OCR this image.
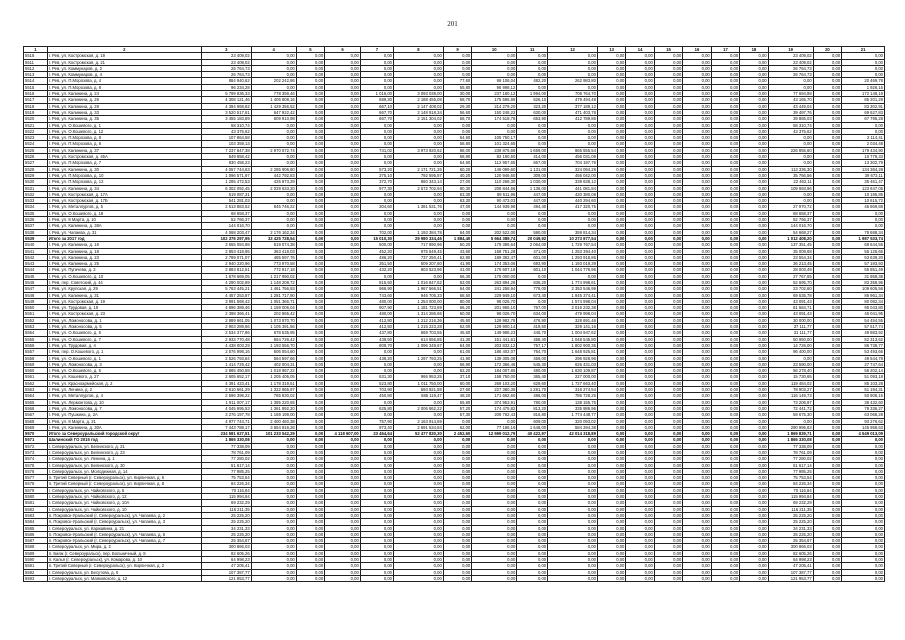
201
1	2	3	4	5	6	7	8	9	10	11	12	13	14	15	16	17	18	19	20	21
5518	г. Рев, ул. Костромская, д. 19	23 409,02	0,00	0,00	0,00	0,00	0,00	0,00	0,00	0,00	0,00	0,00	0,00	0,00	0,00	0,00	0,00	23 409,02	0,00	0,00
5511	г. Рев, ул. Костромская, д. 21	23 409,02	0,00	0,00	0,00	0,00	0,00	0,00	0,00	0,00	0,00	0,00	0,00	0,00	0,00	0,00	0,00	23 409,02	0,00	0,00
5512	г. Рев, ул. Коммунаров, д. 2	26 764,73	0,00	0,00	0,00	0,00	0,00	0,00	0,00	0,00	0,00	0,00	0,00	0,00	0,00	0,00	0,00	26 764,73	0,00	0,00
5513	г. Рев, ул. Коммунаров, д. 4	26 764,73	0,00	0,00	0,00	0,00	0,00	0,00	0,00	0,00	0,00	0,00	0,00	0,00	0,00	0,00	0,00	26 764,73	0,00	0,00
5514	г. Рев, ул. П.Морозова, д. 4	884 940,62	202 242,86	0,00	0,00	0,00	0,00	77,60	99 106,04	482,20	262 983,80	0,00	0,00	0,00	0,00	0,00	0,00	0,00	0,00	20 469,78
5515	г. Рев, ул. П.Морозова, д. 8	96 234,28	0,00	0,00	0,00	0,00	0,00	55,80	96 998,12	0,00	0,00	0,00	0,00	0,00	0,00	0,00	0,00	0,00	0,00	1 926,15
5516	г. Рев, ул. Калинина, д. 24	5 799 836,33	778 359,46	0,00	0,00	1 016,00	3 093 038,00	30,00	237 180,12	1 994,00	708 764,70	0,00	0,00	0,00	0,00	0,00	0,00	77 694,88	0,00	172 148,19
5517	г. Рев, ул. Калинина, д. 26	4 308 121,46	1 406 808,16	0,00	0,00	689,30	2 188 455,08	58,70	175 595,86	626,10	479 494,48	0,00	0,00	0,00	0,00	0,00	0,00	43 165,70	0,00	85 201,29
5518	г. Рев, ул. Калинина, д. 28	4 394 968,82	1 429 356,52	0,00	0,00	667,10	2 147 408,02	29,30	214 279,20	323,20	377 189,12	0,00	0,00	0,00	0,00	0,00	0,00	43 449,04	0,00	83 302,91
5519	г. Рев, ул. Калинина, д. 33	3 520 517,61	647 922,42	0,00	0,00	667,70	2 148 918,34	56,60	150 248,22	630,00	471 403,78	0,00	0,00	0,00	0,00	0,00	0,00	39 497,76	0,00	69 627,83
5520	г. Рев, ул. Калинина, д. 35	3 455 183,89	609 910,98	0,00	0,00	667,70	2 151 304,02	58,70	174 518,76	653,90	412 789,86	0,00	0,00	0,00	0,00	0,00	0,00	39 865,03	0,00	67 795,28
5521	г. Рев, ул. О.Кошевого, д. 1	58 310,74	0,00	0,00	0,00	0,00	0,00	0,00	0,00	0,00	0,00	0,00	0,00	0,00	0,00	0,00	0,00	58 310,74	0,00	0,00
5522	г. Рев, ул. О.Кошевого, д. 12	43 375,62	0,00	0,00	0,00	0,00	0,00	0,00	0,00	0,00	0,00	0,00	0,00	0,00	0,00	0,00	0,00	43 375,62	0,00	0,00
5523	г. Рев, ул. П.Морозова, д. 8	107 864,58	0,00	0,00	0,00	0,00	0,00	64,60	105 750,17	0,00	0,00	0,00	0,00	0,00	0,00	0,00	0,00	0,00	0,00	2 114,41
5524	г. Рев, ул. П.Морозова, д. 6	103 359,13	0,00	0,00	0,00	0,00	0,00	58,80	101 324,65	0,00	0,00	0,00	0,00	0,00	0,00	0,00	0,00	0,00	0,00	2 034,48
5525	г. Рев, ул. Калинина, д. 37	7 237 847,38	2 970 572,74	0,00	0,00	741,02	3 973 920,62	88,00	239 875,69	1 659,00	865 555,54	0,00	0,00	0,00	0,00	0,00	0,00	226 855,60	0,00	179 434,90
5526	г. Рев, ул. Костромская, д. 45А	549 658,42	0,00	0,00	0,00	0,00	0,00	58,80	82 190,50	414,00	456 031,09	0,00	0,00	0,00	0,00	0,00	0,00	0,00	0,00	10 778,33
5527	г. Рев, ул. П.Морозова, д. 7	830 458,23	0,00	0,00	0,00	0,00	0,00	64,60	112 957,65	667,00	704 197,79	0,00	0,00	0,00	0,00	0,00	0,00	0,00	0,00	13 302,79
5528	г. Рев, ул. Калинина, д. 30	4 057 744,63	2 285 906,80	0,00	0,00	573,20	2 171 721,26	60,20	146 099,60	1 131,00	324 094,28	0,00	0,00	0,00	0,00	0,00	0,00	113 336,30	0,00	134 384,28
5529	г. Рев, ул. П.Морозова, д. 10	1 096 571,97	442 792,83	0,00	0,00	375,10	792 595,87	40,20	120 946,60	309,00	456 042,00	0,00	0,00	0,00	0,00	0,00	0,00	35 766,56	0,00	39 673,11
5530	г. Рев, ул. П.Морозова, д. 12	1 285 472,53	425 873,29	0,00	0,00	372,70	860 343,14	27,00	110 268,30	1 030,00	339 638,12	0,00	0,00	0,00	0,00	0,00	0,00	22 462,11	0,00	35 461,47
5531	г. Рев, ул. Калинина, д. 34	6 302 092,45	2 029 633,20	0,00	0,00	977,30	2 572 702,94	80,30	208 844,66	1 136,00	441 081,84	0,00	0,00	0,00	0,00	0,00	0,00	109 693,96	0,00	123 647,05
5532	г. Рев, ул. Костромская, д. 17А	519 087,31	0,00	0,00	0,00	0,00	0,00	63,30	89 511,96	447,00	420 380,08	0,00	0,00	0,00	0,00	0,00	0,00	0,00	0,00	10 195,85
5533	г. Рев, ул. Костромская, д. 17Б	541 281,03	0,00	0,00	0,00	0,00	0,00	63,30	90 473,03	447,00	440 294,60	0,00	0,00	0,00	0,00	0,00	0,00	0,00	0,00	10 615,72
5534	г. Рев, ул. Металлургов, д. 5	2 513 883,52	845 746,22	0,00	0,00	304,60	1 381 531,76	47,00	144 939,98	494,40	417 320,75	0,00	0,00	0,00	0,00	0,00	0,00	27 970,72	0,00	46 869,88
5535	г. Рев, ул. О.Кошевого, д. 18	68 658,37	0,00	0,00	0,00	0,00	0,00	0,00	0,00	0,00	0,00	0,00	0,00	0,00	0,00	0,00	0,00	68 658,37	0,00	0,00
5536	г. Рев, ул. 8 Марта, д. 10	52 766,37	0,00	0,00	0,00	0,00	0,00	0,00	0,00	0,00	0,00	0,00	0,00	0,00	0,00	0,00	0,00	52 766,37	0,00	0,00
5537	г. Рев, ул. Калинина, д. 38А	144 016,70	0,00	0,00	0,00	0,00	0,00	0,00	0,00	0,00	0,00	0,00	0,00	0,00	0,00	0,00	0,00	144 016,70	0,00	0,00
5538	г. Рев, ул. Чапаева, д. 31	4 068 203,47	2 176 162,34	0,00	0,00	702,00	1 193 384,78	64,00	202 522,00	590,00	359 814,34	0,00	0,00	0,00	0,00	0,00	0,00	54 668,27	0,00	78 688,34
5539	Итого за 2017 год	102 376 297,95	33 425 728,54	0,00	0,00	15 010,30	29 980 334,46	1 884,40	5 664 389,74	20 049,92	10 273 877,54	0,00	0,00	0,00	0,00	0,00	0,00	1 012 408,20	0,00	1 987 533,74
5540	г. Рев, ул. Калинина, д. 16	3 655 084,98	819 074,38	0,00	0,00	500,00	717 890,96	50,20	179 386,64	2 064,00	1 729 767,54	0,00	0,00	0,00	0,00	0,00	0,00	137 351,45	0,00	68 644,55
5541	г. Рев, ул. Калинина, д. 18	2 853 418,95	363 418,03	0,00	0,00	452,20	975 649,45	43,60	158 751,28	471,00	1 253 394,40	0,00	0,00	0,00	0,00	0,00	0,00	35 009,68	0,00	55 125,65
5542	г. Рев, ул. Калинина, д. 23	2 789 071,07	485 597,76	0,00	0,00	486,20	737 250,41	62,80	189 382,47	601,00	1 293 918,86	0,00	0,00	0,00	0,00	0,00	0,00	23 554,34	0,00	53 639,20
5543	г. Рев, ул. Калинина, д. 25	2 940 220,96	773 970,58	0,00	0,00	351,50	509 207,60	41,90	174 353,06	693,90	1 193 019,39	0,00	0,00	0,00	0,00	0,00	0,00	36 213,45	0,00	57 193,93
5544	г. Рев, ул. Пугачева, д. 2	2 883 812,51	772 917,18	0,00	0,00	432,20	803 523,96	41,00	176 607,18	601,10	1 044 776,96	0,00	0,00	0,00	0,00	0,00	0,00	28 003,49	0,00	55 851,49
5545	г. Рев, ул. О.Кошевого, д. 10	1 678 669,05	1 217 990,02	0,00	0,00	0,00	0,00	56,30	175 000,00	0,00	0,00	0,00	0,00	0,00	0,00	0,00	0,00	27 767,65	0,00	31 959,38
5546	г. Рев, пер. Советский, д. 44	4 290 002,89	1 148 208,72	0,00	0,00	815,50	1 016 847,62	63,00	263 894,28	836,20	1 774 998,61	0,00	0,00	0,00	0,00	0,00	0,00	52 695,70	0,00	83 358,96
5547	г. Рев, ул. Крупская, д. 29	5 763 445,21	1 461 756,93	0,00	0,00	966,90	1 967 566,51	64,00	241 258,94	778,00	2 353 546,99	0,00	0,00	0,00	0,00	0,00	0,00	23 702,60	0,00	109 605,56
5548	г. Рев, ул. Калинина, д. 31	4 457 253,87	1 281 717,90	0,00	0,00	743,60	946 705,33	68,50	229 949,10	673,40	1 845 374,41	0,00	0,00	0,00	0,00	0,00	0,00	69 535,78	0,00	86 961,34
5549	г. Рев, ул. Костромская, д. 19	3 991 568,42	1 051 366,71	0,00	0,00	480,00	1 254 000,00	80,00	98 026,70	0,00	1 574 998,04	0,00	0,00	0,00	0,00	0,00	0,00	43 091,43	0,00	80 082,34
5550	г. Рев, ул. Трудовая, д. 19	4 896 389,46	1 159 006,04	0,00	0,00	907,90	1 181 723,69	66,20	201 965,10	767,00	2 016 232,38	0,00	0,00	0,00	0,00	0,00	0,00	61 584,71	0,00	95 043,80
5551	г. Рев, ул. Костромская, д. 23	2 398 366,41	202 965,42	0,00	0,00	480,00	1 314 286,66	60,00	98 026,70	634,00	479 998,04	0,00	0,00	0,00	0,00	0,00	0,00	43 091,43	0,00	45 041,95
5552	г. Рев, ул. Ломоносова, д. 1	2 889 661,05	1 073 870,70	0,00	0,00	412,80	1 212 216,36	45,60	129 982,78	476,90	328 691,46	0,00	0,00	0,00	0,00	0,00	0,00	30 000,00	0,00	54 454,55
5553	г. Рев, ул. Ломоносова, д. 5	2 903 289,66	1 105 391,56	0,00	0,00	412,50	1 215 223,28	62,00	129 900,14	419,50	329 141,16	0,00	0,00	0,00	0,00	0,00	0,00	37 111,77	0,00	57 517,74
5554	г. Рев, ул. О.Кошевого, д. 5	2 534 377,86	678 535,95	0,00	0,00	437,80	669 703,55	45,60	149 988,23	446,70	1 004 947,62	0,00	0,00	0,00	0,00	0,00	0,00	31 111,77	0,00	49 883,92
5555	г. Рев, ул. О.Кошевого, д. 7	2 933 770,48	654 726,42	0,00	0,00	439,50	614 556,85	41,30	151 441,61	458,40	1 048 545,80	0,00	0,00	0,00	0,00	0,00	0,00	50 950,00	0,00	52 313,62
5556	г. Рев, ул. Трудовая, д. 4	4 438 003,29	1 193 556,70	0,00	0,00	809,70	1 096 349,67	64,00	203 832,12	757,17	1 802 900,35	0,00	0,00	0,00	0,00	0,00	0,00	14 726,00	0,00	86 738,77
5557	г. Рев, пер. О.Кошевого, д. 1	2 576 998,16	606 054,60	0,00	0,00	0,00	0,00	61,00	186 402,07	764,70	1 648 925,81	0,00	0,00	0,00	0,00	0,00	0,00	96 400,00	0,00	53 493,66
5558	г. Рев, ул. О.Кошевого, д. 1	2 526 793,84	564 597,66	0,00	0,00	439,20	1 297 793,25	41,90	139 305,08	459,00	296 928,96	0,00	0,00	0,00	0,00	0,00	0,00	0,00	0,00	49 544,78
5559	г. Рев, ул. Ломоносова, д. 3	1 414 729,42	402 004,31	0,00	0,00	0,00	0,00	56,90	172 366,48	545,30	626 431,03	0,00	0,00	0,00	0,00	0,00	0,00	23 590,00	0,00	27 747,64
5560	г. Рев, ул. О.Кошевого, д. 5	2 865 450,58	1 018 867,22	0,00	0,00	0,00	0,00	62,20	184 007,85	480,00	1 630 109,87	0,00	0,00	0,00	0,00	0,00	0,00	56 278,40	0,00	56 202,14
5561	г. Рев, ул. Кошевого, д. 27	2 605 652,17	1 205 405,05	0,00	0,00	631,30	966 953,25	37,10	158 750,00	365,40	227 000,00	0,00	0,00	0,00	0,00	0,00	0,00	15 730,65	0,00	51 093,18
5562	г. Рев, ул. Красноармейская, д. 2	4 391 423,41	1 178 319,51	0,00	0,00	523,80	1 011 750,00	60,00	269 103,20	629,60	1 727 663,40	0,00	0,00	0,00	0,00	0,00	0,00	119 484,02	0,00	85 103,28
5563	г. Рев, ул. Ленина, д. 2	2 610 661,29	1 322 865,97	0,00	0,00	703,90	593 921,88	27,60	227 380,35	1 281,70	316 274,54	0,00	0,00	0,00	0,00	0,00	0,00	78 903,27	0,00	51 194,31
5564	г. Рев, ул. Металлургов, д. 4	2 596 398,22	785 830,02	0,00	0,00	450,80	685 119,47	48,20	171 662,60	496,00	786 728,25	0,00	0,00	0,00	0,00	0,00	0,00	116 149,73	0,00	50 908,15
5565	г. Рев, ул. Лермонтова, д. 10	1 911 007,17	1 385 220,65	0,00	0,00	0,00	0,00	55,80	374 953,91	780,00	138 155,75	0,00	0,00	0,00	0,00	0,00	0,00	73 206,97	0,00	36 432,60
5566	г. Рев, ул. Ломоносова, д. 7	4 045 995,53	1 361 892,20	0,00	0,00	625,80	2 006 862,22	57,20	174 475,82	813,20	335 986,96	0,00	0,00	0,00	0,00	0,00	0,00	72 441,72	0,00	79 336,27
5567	г. Рев, ул. Пушкина, д. 2А	3 276 197,78	1 169 199,00	0,00	0,00	0,00	0,00	57,30	209 762,43	816,80	1 774 448,77	0,00	0,00	0,00	0,00	0,00	0,00	59 675,30	0,00	63 068,28
5568	г. Рев, ул. 8 Марта, д. 21	4 977 744,71	2 400 460,38	0,00	0,00	757,90	2 163 914,69	0,00	0,00	609,00	320 093,02	0,00	0,00	0,00	0,00	0,00	0,00	0,00	0,00	93 276,62
5569	г. Рев, ул. Калинина, д. 30А	7 443 788,17	3 654 816,26	0,00	0,00	973,40	2 691 534,84	62,00	77 186,16	1 548,00	584 294,38	0,00	0,00	0,00	0,00	0,00	0,00	290 995,63	0,00	145 958,63
5570	Итого за Североуральский городской округ	234 581 627,51	101 233 542,29	0,00	4 118 607,00	23 464,64	52 477 830,30	2 452,60	12 599 012,79	40 422,97	42 014 318,89	0,00	0,00	0,00	0,00	0,00	0,00	1 869 839,71	0,00	4 549 013,09
5571	Шалинский ГО 2015 год	1 865 330,08	0,00	0,00	0,00	0,00	0,00	0,00	0,00	0,00	0,00	0,00	0,00	0,00	0,00	0,00	0,00	1 865 330,08	0,00	0,00
5572	г. Североуральск, ул. Белинского, д. 21	77 338,09	0,00	0,00	0,00	0,00	0,00	0,00	0,00	0,00	0,00	0,00	0,00	0,00	0,00	0,00	0,00	77 338,09	0,00	0,00
5573	г. Североуральск, ул. Белинского, д. 23	78 761,09	0,00	0,00	0,00	0,00	0,00	0,00	0,00	0,00	0,00	0,00	0,00	0,00	0,00	0,00	0,00	78 761,09	0,00	0,00
5574	г. Североуральск, ул. Ленина, д. 1	77 280,02	0,00	0,00	0,00	0,00	0,00	0,00	0,00	0,00	0,00	0,00	0,00	0,00	0,00	0,00	0,00	77 280,02	0,00	0,00
5575	г. Североуральск, ул. Белинского, д. 30	51 617,14	0,00	0,00	0,00	0,00	0,00	0,00	0,00	0,00	0,00	0,00	0,00	0,00	0,00	0,00	0,00	51 617,14	0,00	0,00
5576	г. Североуральск, ул. Молодежная, д. 14	77 985,25	0,00	0,00	0,00	0,00	0,00	0,00	0,00	0,00	0,00	0,00	0,00	0,00	0,00	0,00	0,00	77 985,25	0,00	0,00
5577	п. Третий Северный (г. Североуральск), ул. Кирпичная, д. 6	75 753,54	0,00	0,00	0,00	0,00	0,00	0,00	0,00	0,00	0,00	0,00	0,00	0,00	0,00	0,00	0,00	75 753,54	0,00	0,00
5578	п. Третий Северный (г. Североуральск), ул. Кирпичная, д. 8	84 226,34	0,00	0,00	0,00	0,00	0,00	0,00	0,00	0,00	0,00	0,00	0,00	0,00	0,00	0,00	0,00	84 226,34	0,00	0,00
5579	г. Североуральск, ул. Чайковского, д. 5	70 116,84	0,00	0,00	0,00	0,00	0,00	0,00	0,00	0,00	0,00	0,00	0,00	0,00	0,00	0,00	0,00	70 116,84	0,00	0,00
5580	г. Североуральск, ул. Чайковского, д. 12	115 994,84	0,00	0,00	0,00	0,00	0,00	0,00	0,00	0,00	0,00	0,00	0,00	0,00	0,00	0,00	0,00	115 994,84	0,00	0,00
5581	г. Североуральск, ул. Чайковского, д. 10А	69 232,29	0,00	0,00	0,00	0,00	0,00	0,00	0,00	0,00	0,00	0,00	0,00	0,00	0,00	0,00	0,00	69 232,29	0,00	0,00
5582	г. Североуральск, ул. Чайковского, д. 10	116 211,35	0,00	0,00	0,00	0,00	0,00	0,00	0,00	0,00	0,00	0,00	0,00	0,00	0,00	0,00	0,00	116 211,35	0,00	0,00
5583	п. Покровск-Уральский (г. Североуральск), ул. Чапаева, д. 2	25 225,20	0,00	0,00	0,00	0,00	0,00	0,00	0,00	0,00	0,00	0,00	0,00	0,00	0,00	0,00	0,00	25 225,20	0,00	0,00
5584	п. Покровск-Уральский (г. Североуральск), ул. Чапаева, д. 3	25 225,20	0,00	0,00	0,00	0,00	0,00	0,00	0,00	0,00	0,00	0,00	0,00	0,00	0,00	0,00	0,00	25 225,20	0,00	0,00
5585	г. Североуральск, ул. Каржавина, д. 21	34 231,33	0,00	0,00	0,00	0,00	0,00	0,00	0,00	0,00	0,00	0,00	0,00	0,00	0,00	0,00	0,00	34 231,33	0,00	0,00
5586	п. Покровск-Уральский (г. Североуральск), ул. Чапаева, д. 5	25 225,20	0,00	0,00	0,00	0,00	0,00	0,00	0,00	0,00	0,00	0,00	0,00	0,00	0,00	0,00	0,00	25 225,20	0,00	0,00
5587	п. Покровск-Уральский (г. Североуральск), ул. Чапаева, д. 7	25 354,67	0,00	0,00	0,00	0,00	0,00	0,00	0,00	0,00	0,00	0,00	0,00	0,00	0,00	0,00	0,00	25 354,67	0,00	0,00
5588	г. Североуральск, ул. Мира, д. 2	300 866,03	0,00	0,00	0,00	0,00	0,00	0,00	0,00	0,00	0,00	0,00	0,00	0,00	0,00	0,00	0,00	300 866,03	0,00	0,00
5589	п. Баяж (г. Североуральск), пер. Больничный, д. 8	82 605,26	0,00	0,00	0,00	0,00	0,00	0,00	0,00	0,00	0,00	0,00	0,00	0,00	0,00	0,00	0,00	82 605,26	0,00	0,00
5590	п. Калья (г. Североуральск), ул. Комарова, д. 10	64 998,23	0,00	0,00	0,00	0,00	0,00	0,00	0,00	0,00	0,00	0,00	0,00	0,00	0,00	0,00	0,00	64 998,23	0,00	0,00
5591	п. Третий Северный (г. Североуральск), ул. Кирпичная, д. 2	47 205,41	0,00	0,00	0,00	0,00	0,00	0,00	0,00	0,00	0,00	0,00	0,00	0,00	0,00	0,00	0,00	47 205,41	0,00	0,00
5592	г. Североуральск, ул. Бесутова, д. 5	107 387,77	0,00	0,00	0,00	0,00	0,00	0,00	0,00	0,00	0,00	0,00	0,00	0,00	0,00	0,00	0,00	107 387,77	0,00	0,00
5593	г. Североуральск, ул. Маяковского, д. 12	121 953,77	0,00	0,00	0,00	0,00	0,00	0,00	0,00	0,00	0,00	0,00	0,00	0,00	0,00	0,00	0,00	121 953,77	0,00	0,00
